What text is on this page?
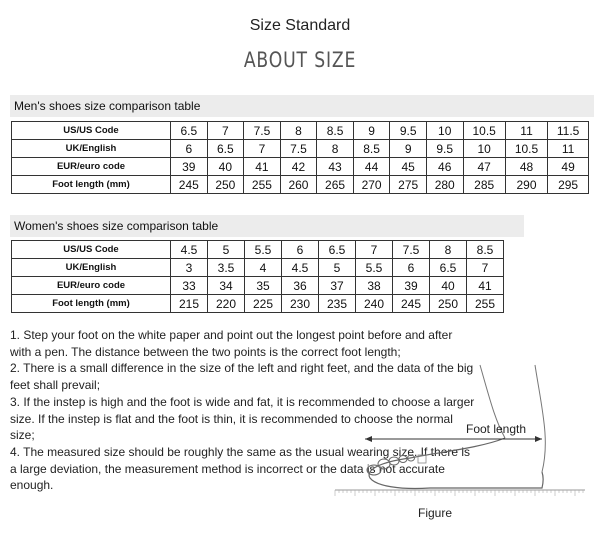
Size Standard
ABOUT SIZE
Men's shoes size comparison table
US/US Code	6.5	7	7.5	8	8.5	9	9.5	10	10.5	11	11.5
UK/English	6	6.5	7	7.5	8	8.5	9	9.5	10	10.5	11
EUR/euro code	39	40	41	42	43	44	45	46	47	48	49
Foot length (mm)	245	250	255	260	265	270	275	280	285	290	295
Women's shoes size comparison table
US/US Code	4.5	5	5.5	6	6.5	7	7.5	8	8.5
UK/English	3	3.5	4	4.5	5	5.5	6	6.5	7
EUR/euro code	33	34	35	36	37	38	39	40	41
Foot length (mm)	215	220	225	230	235	240	245	250	255

1. Step your foot on the white paper and point out the longest point before and after with a pen. The distance between the two points is the correct foot length;

2. There is a small difference in the size of the left and right feet, and the data of the big feet shall prevail;

3. If the instep is high and the foot is wide and fat, it is recommended to choose a larger size. If the instep is flat and the foot is thin, it is recommended to choose the normal size;

4. The measured size should be roughly the same as the usual wearing size. If there is a large deviation, the measurement method is incorrect or the data is not accurate enough.

Foot length
Figure
